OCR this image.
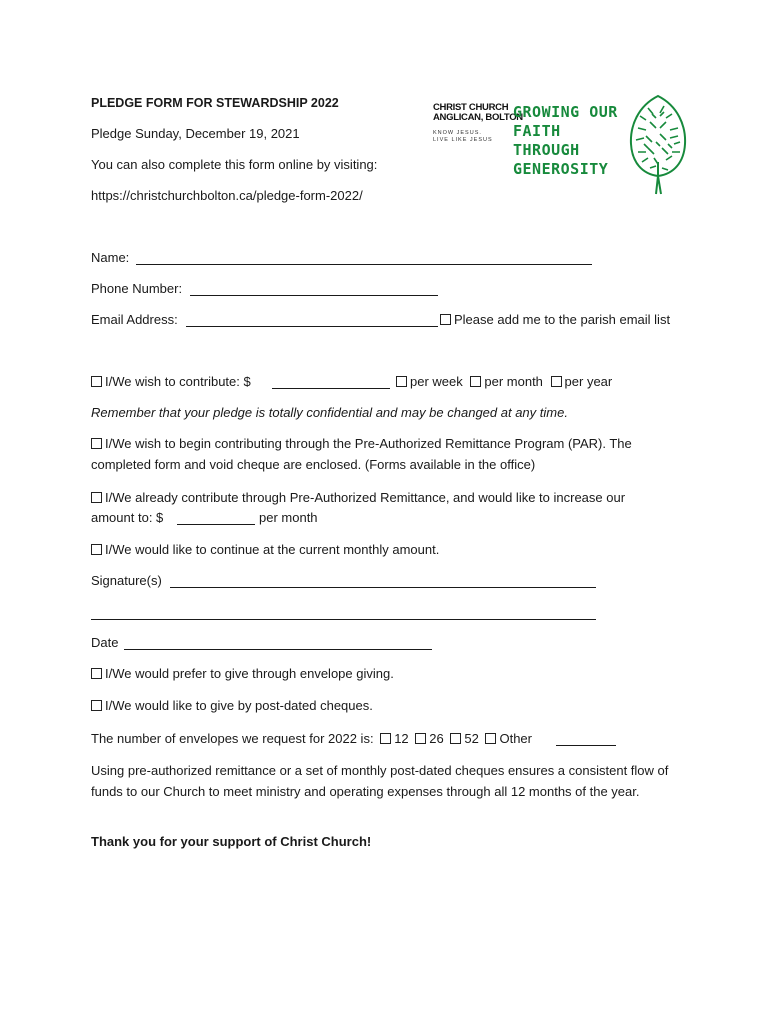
PLEDGE FORM FOR STEWARDSHIP 2022
Pledge Sunday, December 19, 2021
You can also complete this form online by visiting:
https://christchurchbolton.ca/pledge-form-2022/
CHRIST CHURCH
ANGLICAN, BOLTON
KNOW JESUS.
LIVE LIKE JESUS
GROWING OUR
FAITH
THROUGH
GENEROSITY
Name:
Phone Number:
Email Address:	Please add me to the parish email list
I/We wish to contribute: $	per week per month per year
Remember that your pledge is totally confidential and may be changed at any time.
I/We wish to begin contributing through the Pre-Authorized Remittance Program (PAR). The completed form and void cheque are enclosed. (Forms available in the office)
I/We already contribute through Pre-Authorized Remittance, and would like to increase our
amount to: $	per month
I/We would like to continue at the current monthly amount.
Signature(s)
Date
I/We would prefer to give through envelope giving.
I/We would like to give by post-dated cheques.
The number of envelopes we request for 2022 is: 12 26 52 Other
Using pre-authorized remittance or a set of monthly post-dated cheques ensures a consistent flow of funds to our Church to meet ministry and operating expenses through all 12 months of the year.
Thank you for your support of Christ Church!
